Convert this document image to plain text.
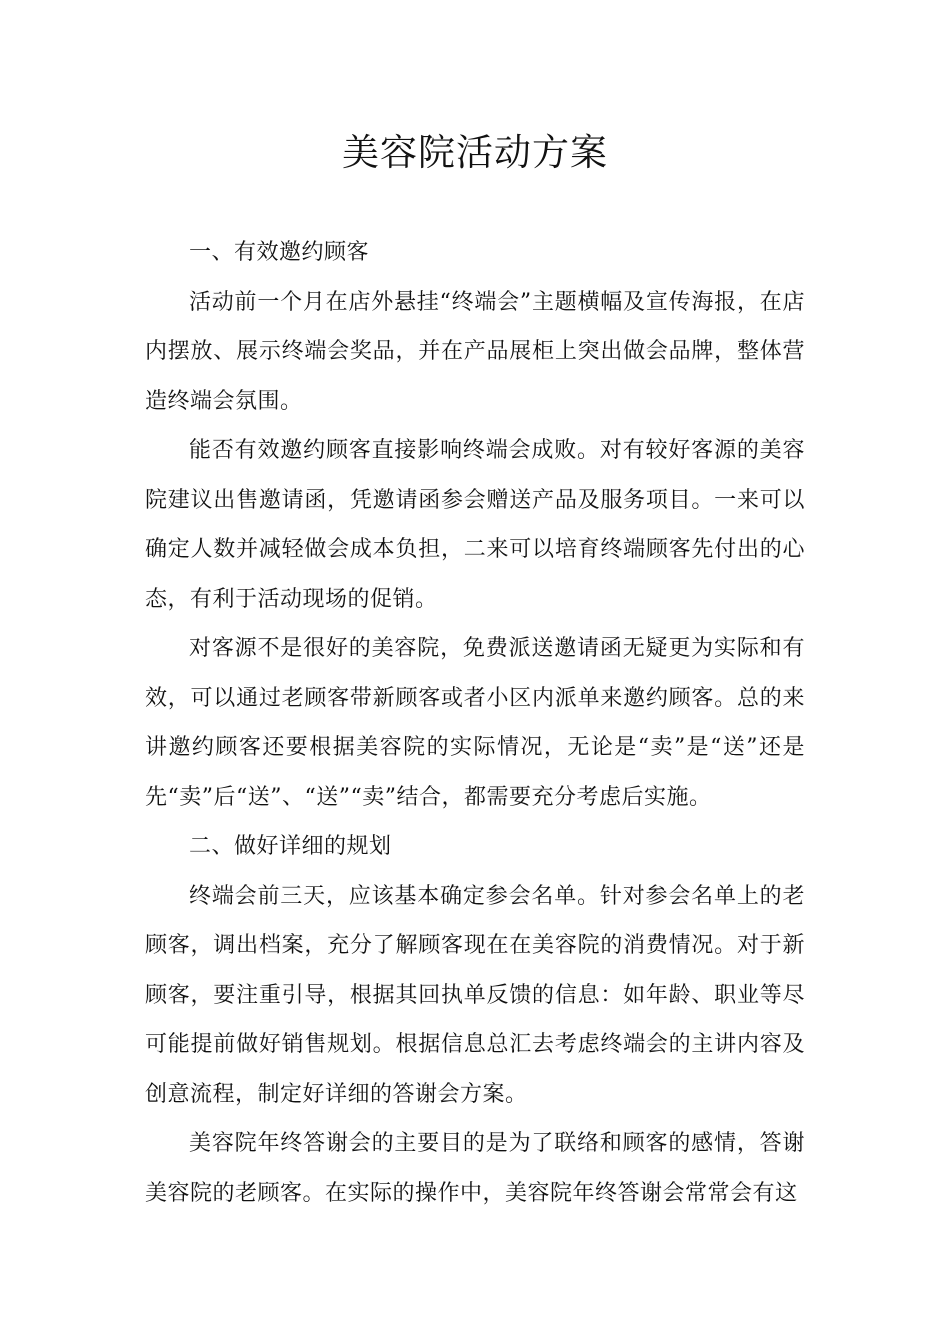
美容院活动方案

一、有效邀约顾客

活动前一个月在店外悬挂“终端会”主题横幅及宣传海报，在店内摆放、展示终端会奖品，并在产品展柜上突出做会品牌，整体营造终端会氛围。

能否有效邀约顾客直接影响终端会成败。对有较好客源的美容院建议出售邀请函，凭邀请函参会赠送产品及服务项目。一来可以确定人数并减轻做会成本负担，二来可以培育终端顾客先付出的心态，有利于活动现场的促销。

对客源不是很好的美容院，免费派送邀请函无疑更为实际和有效，可以通过老顾客带新顾客或者小区内派单来邀约顾客。总的来讲邀约顾客还要根据美容院的实际情况，无论是“卖”是“送”还是先“卖”后“送”、“送”“卖”结合，都需要充分考虑后实施。

二、做好详细的规划

终端会前三天，应该基本确定参会名单。针对参会名单上的老顾客，调出档案，充分了解顾客现在在美容院的消费情况。对于新顾客，要注重引导，根据其回执单反馈的信息：如年龄、职业等尽可能提前做好销售规划。根据信息总汇去考虑终端会的主讲内容及创意流程，制定好详细的答谢会方案。

美容院年终答谢会的主要目的是为了联络和顾客的感情，答谢美容院的老顾客。在实际的操作中，美容院年终答谢会常常会有这
